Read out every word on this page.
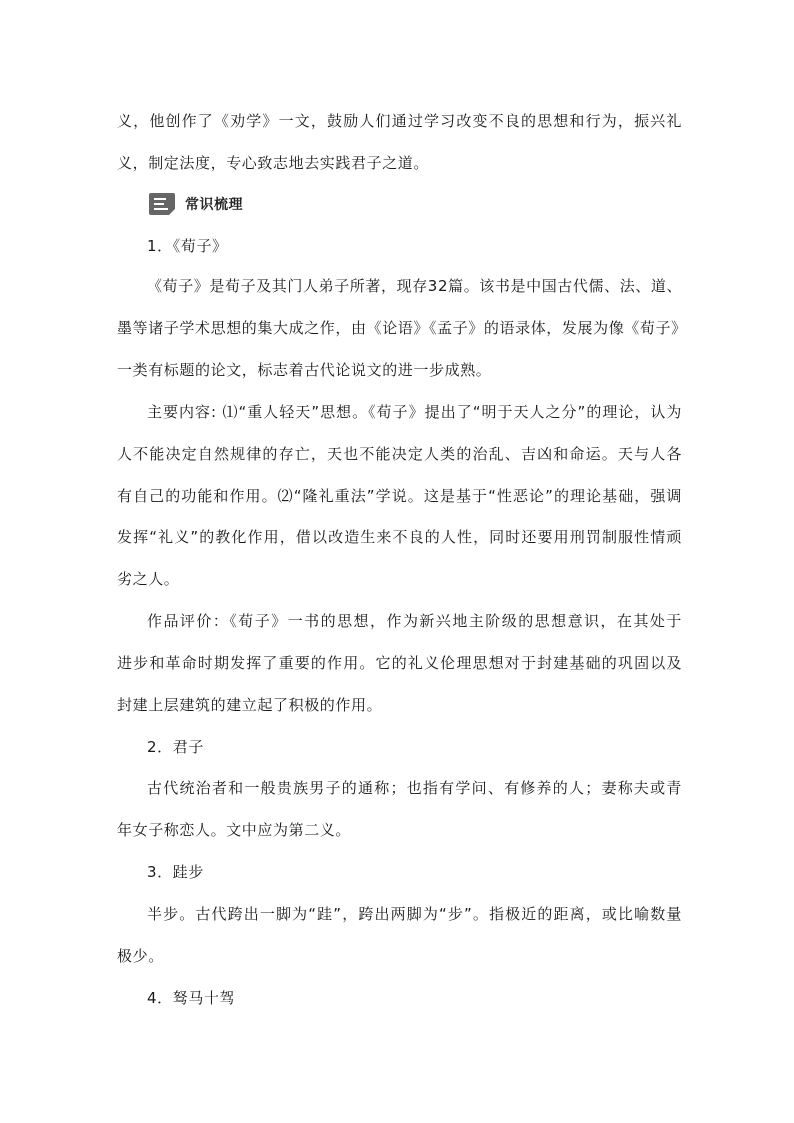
义，他创作了《劝学》一文，鼓励人们通过学习改变不良的思想和行为，振兴礼
义，制定法度，专心致志地去实践君子之道。
常识梳理
1．《荀子》
《荀子》是荀子及其门人弟子所著，现存32篇。该书是中国古代儒、法、道、
墨等诸子学术思想的集大成之作，由《论语》《孟子》的语录体，发展为像《荀子》
一类有标题的论文，标志着古代论说文的进一步成熟。
主要内容: ⑴“重人轻天”思想。《荀子》提出了“明于天人之分”的理论，认为
人不能决定自然规律的存亡，天也不能决定人类的治乱、吉凶和命运。天与人各
有自己的功能和作用。⑵“隆礼重法”学说。这是基于“性恶论”的理论基础，强调
发挥“礼义”的教化作用，借以改造生来不良的人性，同时还要用刑罚制服性情顽
劣之人。
作品评价：《荀子》一书的思想，作为新兴地主阶级的思想意识，在其处于
进步和革命时期发挥了重要的作用。它的礼义伦理思想对于封建基础的巩固以及
封建上层建筑的建立起了积极的作用。
2．君子
古代统治者和一般贵族男子的通称；也指有学问、有修养的人；妻称夫或青
年女子称恋人。文中应为第二义。
3．跬步
半步。古代跨出一脚为“跬”，跨出两脚为“步”。指极近的距离，或比喻数量
极少。
4．驽马十驾
